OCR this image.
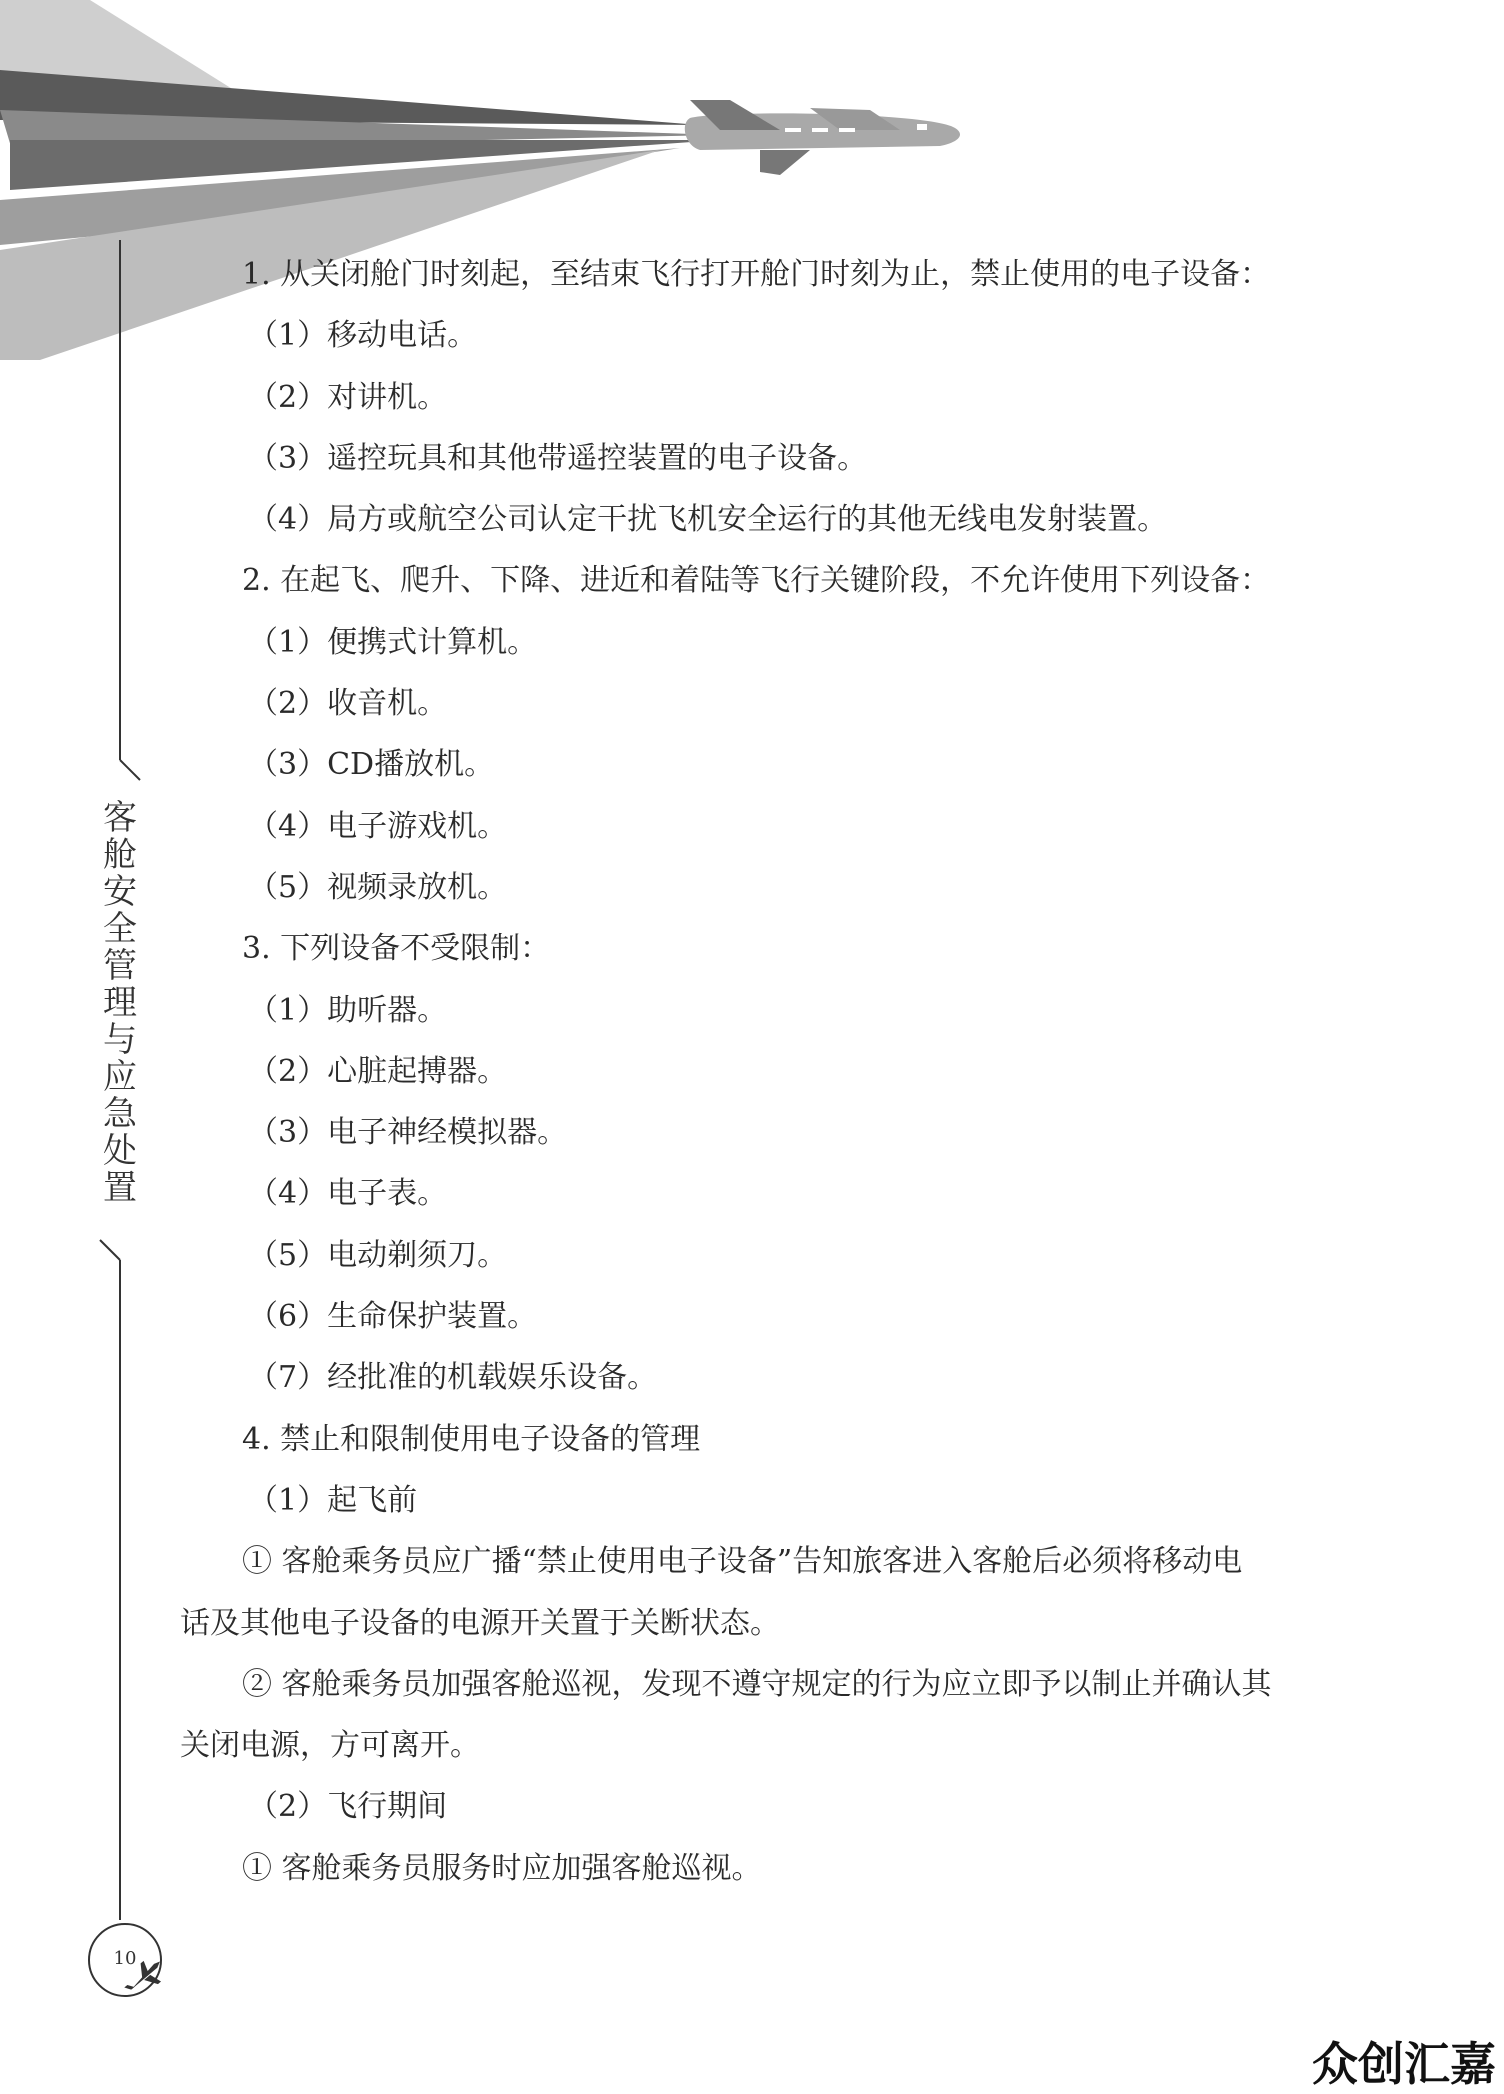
客舱安全管理与应急处置
10

1. 从关闭舱门时刻起，至结束飞行打开舱门时刻为止，禁止使用的电子设备：

（1）移动电话。

（2）对讲机。

（3）遥控玩具和其他带遥控装置的电子设备。

（4）局方或航空公司认定干扰飞机安全运行的其他无线电发射装置。

2. 在起飞、爬升、下降、进近和着陆等飞行关键阶段，不允许使用下列设备：

（1）便携式计算机。

（2）收音机。

（3）CD播放机。

（4）电子游戏机。

（5）视频录放机。

3. 下列设备不受限制：

（1）助听器。

（2）心脏起搏器。

（3）电子神经模拟器。

（4）电子表。

（5）电动剃须刀。

（6）生命保护装置。

（7）经批准的机载娱乐设备。

4. 禁止和限制使用电子设备的管理

（1）起飞前

① 客舱乘务员应广播“禁止使用电子设备”告知旅客进入客舱后必须将移动电

话及其他电子设备的电源开关置于关断状态。

② 客舱乘务员加强客舱巡视，发现不遵守规定的行为应立即予以制止并确认其

关闭电源，方可离开。

（2）飞行期间

① 客舱乘务员服务时应加强客舱巡视。

众创汇嘉
